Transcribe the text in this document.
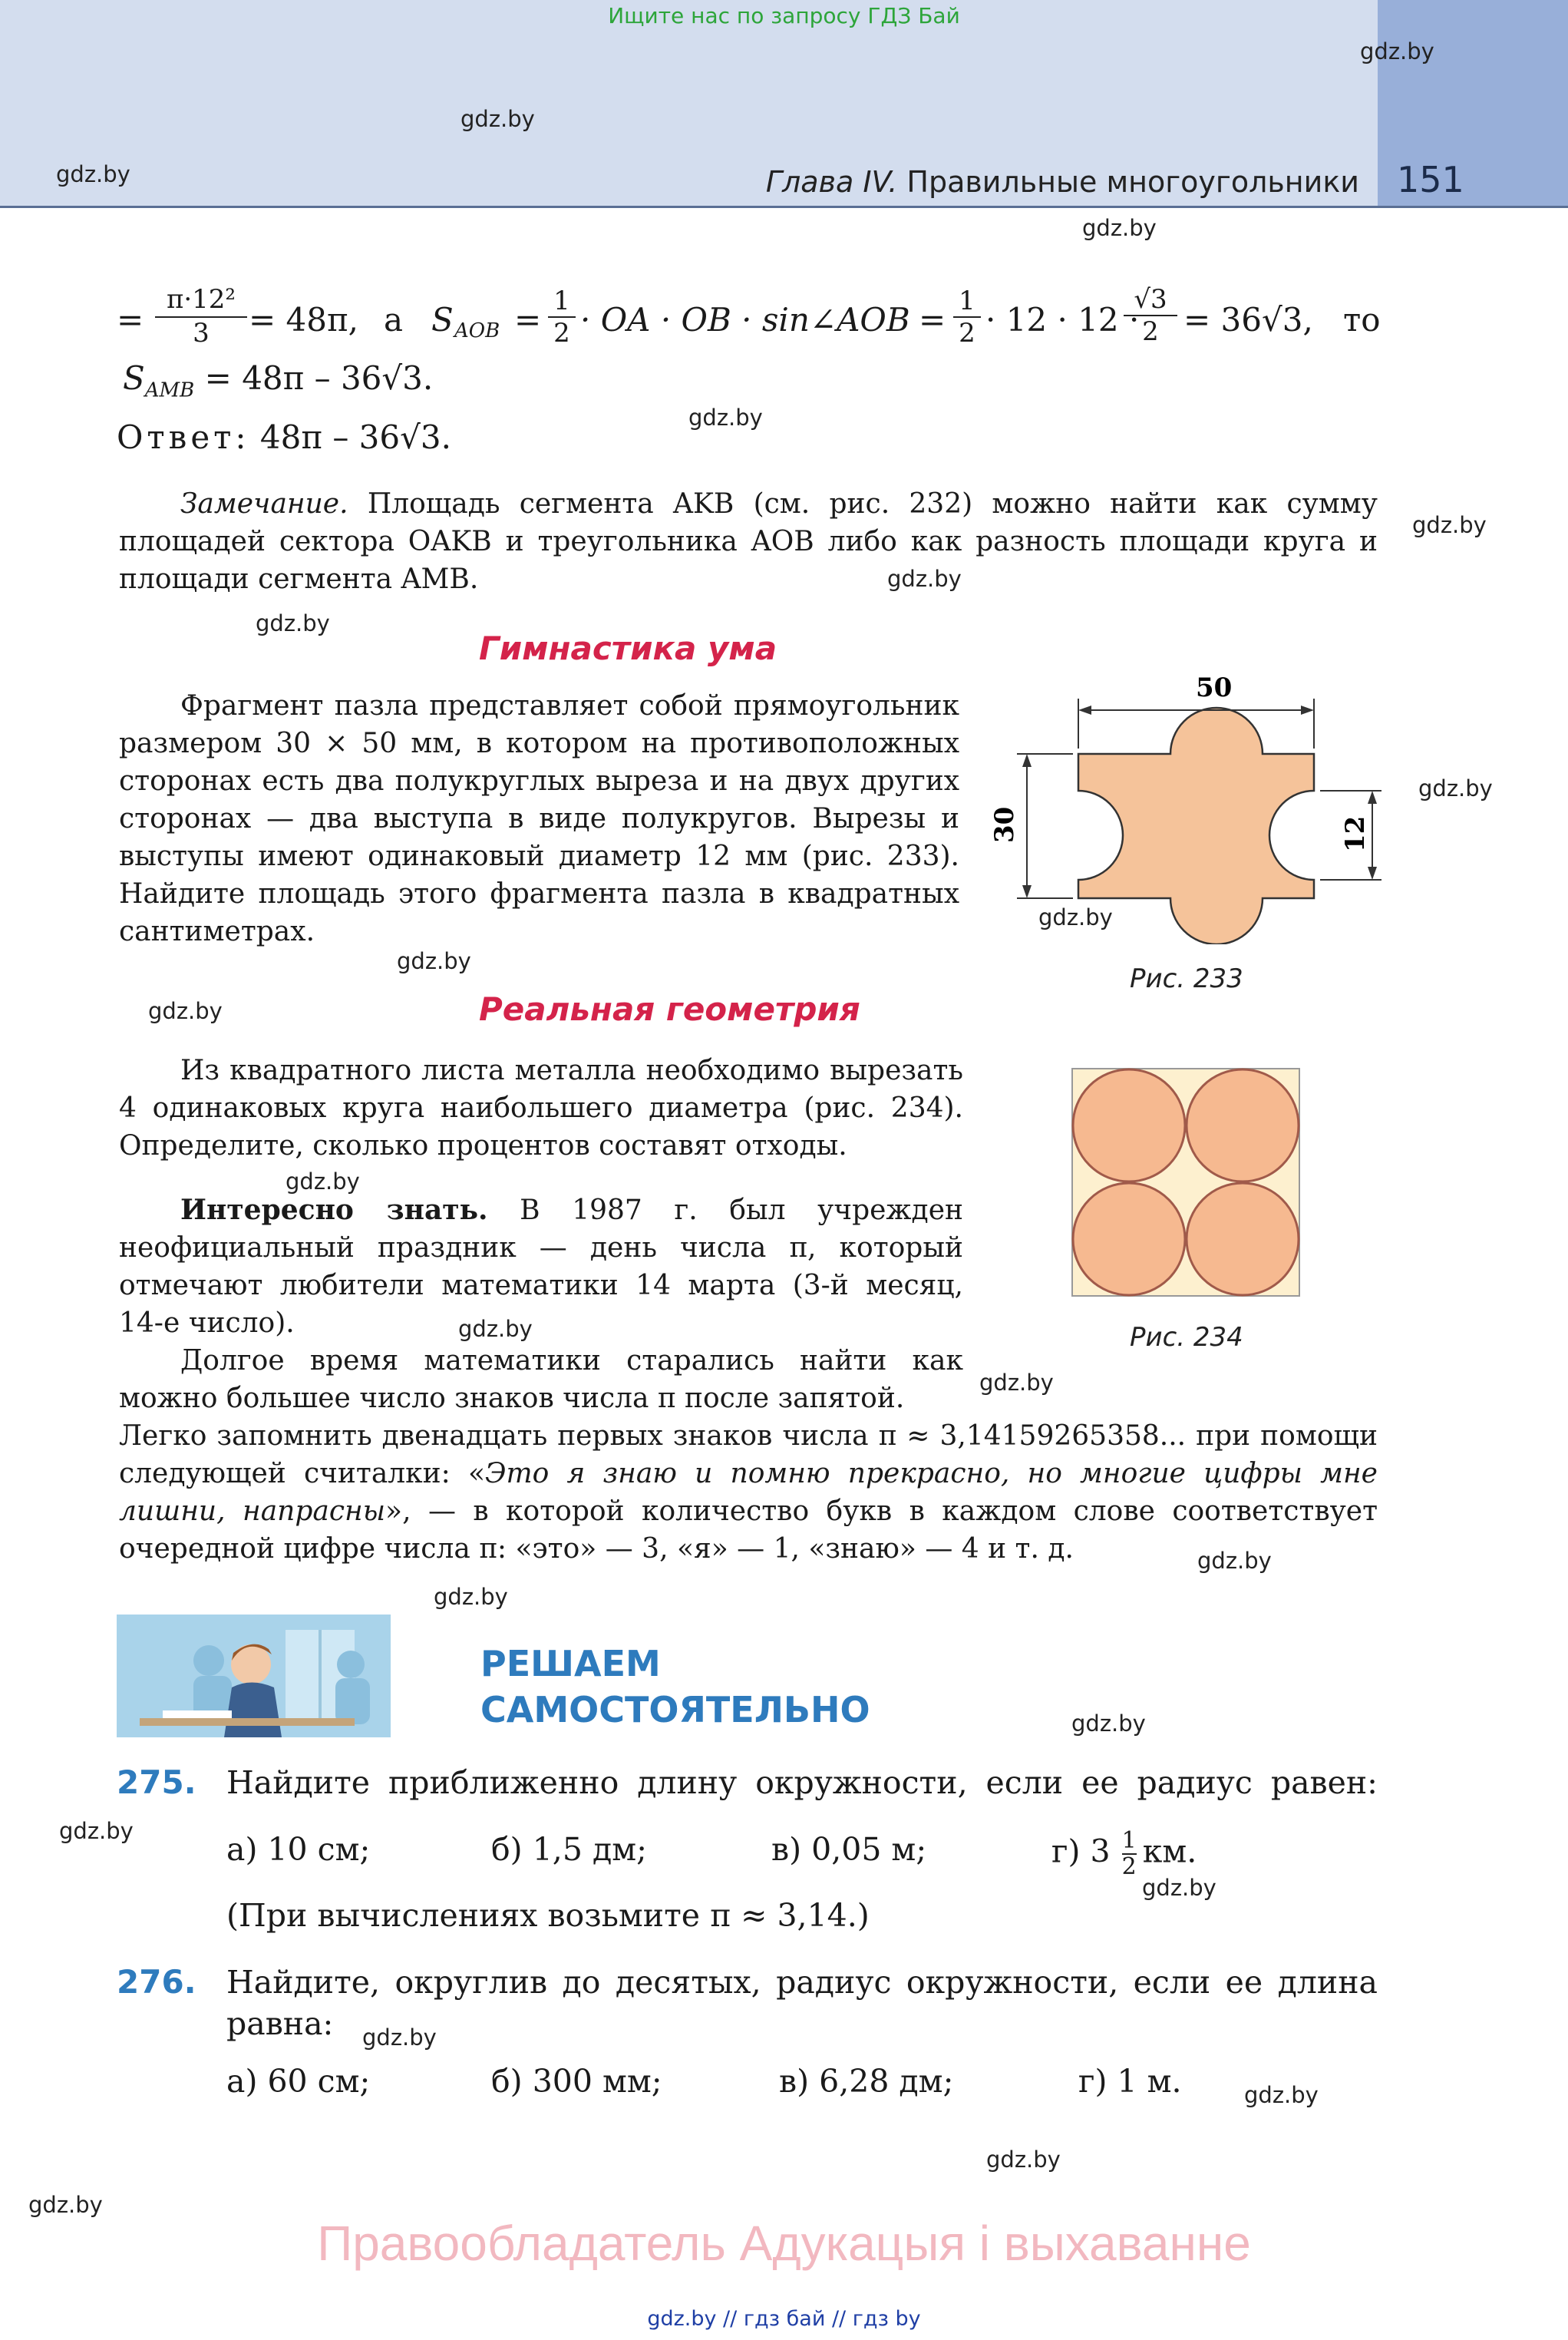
Ищите нас по запросу ГДЗ Бай
Глава IV. Правильные многоугольники 151
gdz.by
gdz.by
gdz.by
gdz.by
gdz.by
gdz.by
gdz.by
gdz.by
gdz.by
gdz.by
gdz.by
gdz.by
gdz.by
gdz.by
gdz.by
gdz.by
gdz.by
gdz.by
gdz.by
gdz.by
gdz.by
gdz.by
gdz.by
gdz.by
= $\frac{\text{π·12²}}{3} = 48\pi$, а S AOB = $\frac{1}{2}$ · OA · OB · sin∠AOB = $\frac{1}{2} \cdot 12 \cdot 12$ ·
$\frac{√3}{2} = 36√3$, то
$S_{AMB} = 48\pi - 36√3$.
Ответ: 48π – 36√3.
Замечание. Площадь сегмента AKB (см. рис. 232) можно найти как сумму площадей сектора OAKB и треугольника AOB либо как разность площади круга и площади сегмента AMB.
Гимнастика ума
Фрагмент пазла представляет собой прямоугольник размером 30 × 50 мм, в котором на противоположных сторонах есть два полукруглых выреза и на двух других сторонах — два выступа в виде полукругов. Вырезы и выступы имеют одинаковый диаметр 12 мм (рис. 233). Найдите площадь этого фрагмента пазла в квадратных сантиметрах.
50
30	12
Рис. 233
Реальная геометрия
Из квадратного листа металла необходимо вырезать 4 одинаковых круга наибольшего диаметра (рис. 234). Определите, сколько процентов составят отходы.
Рис. 234
Интересно знать. В 1987 г. был учрежден неофициальный праздник — день числа π, который отмечают любители математики 14 марта (3-й месяц, 14-е число).
Долгое время математики старались найти как можно большее число знаков числа π после запятой.
Легко запомнить двенадцать первых знаков числа π ≈ 3,14159265358... при помощи следующей считалки: «Это я знаю и помню прекрасно, но многие цифры мне лишни, напрасны», — в которой количество букв в каждом слове соответствует очередной цифре числа π: «это» — 3, «я» — 1, «знаю» — 4 и т. д.
РЕШАЕМ
САМОСТОЯТЕЛЬНО
275. Найдите приближенно длину окружности, если ее радиус равен:
а) 10 см;	б) 1,5 дм;	в) 0,05 м;	г) $3 \frac{1}{2}$ км.
(При вычислениях возьмите π ≈ 3,14.)
276. Найдите, округлив до десятых, радиус окружности, если ее длина равна:
а) 60 см;	б) 300 мм;	в) 6,28 дм;	г) 1 м.
Правообладатель Адукацыя і выхаванне
gdz.by // гдз бай // гдз by
